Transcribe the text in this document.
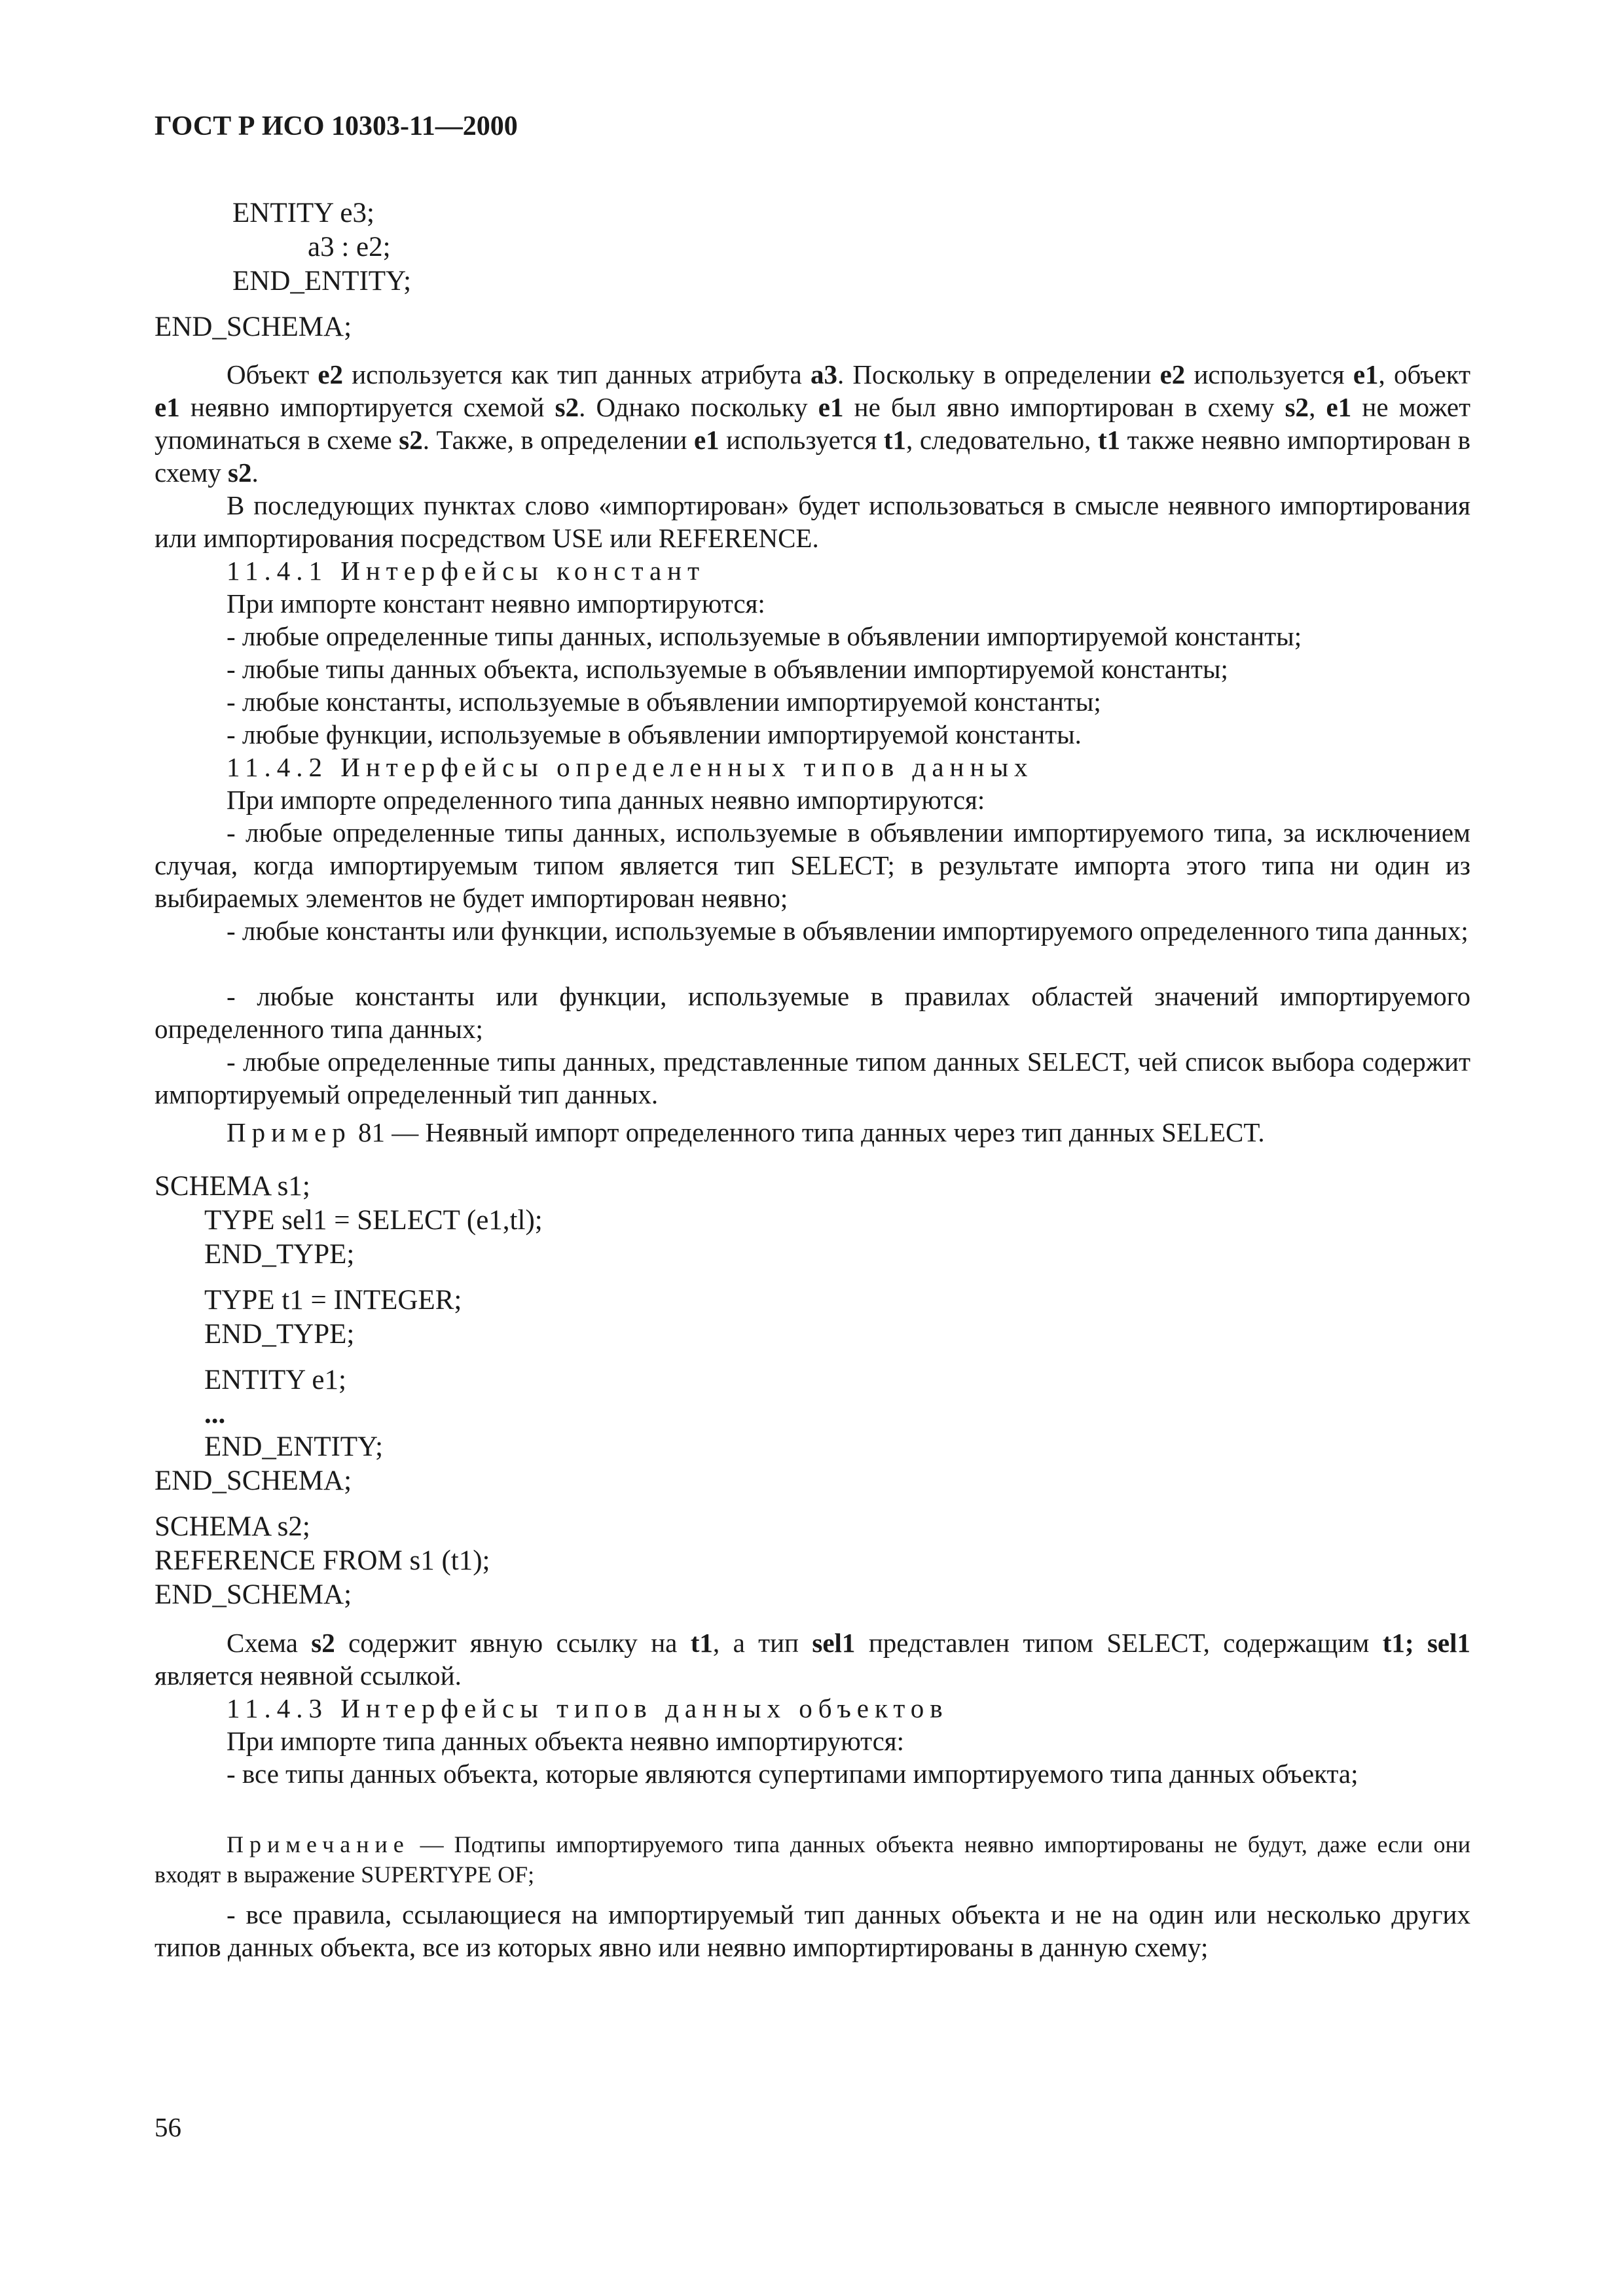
ГОСТ Р ИСО 10303-11—2000
ENTITY e3;
a3 : e2;
END_ENTITY;
END_SCHEMA;

Объект e2 используется как тип данных атрибута a3. Поскольку в определении e2 используется e1, объект e1 неявно импортируется схемой s2. Однако поскольку e1 не был явно импортирован в схему s2, e1 не может упоминаться в схеме s2. Также, в определении e1 используется t1, следовательно, t1 также неявно импортирован в схему s2.

В последующих пунктах слово «импортирован» будет использоваться в смысле неявного импортирования или импортирования посредством USE или REFERENCE.

11.4.1 Интерфейсы констант

При импорте констант неявно импортируются:

- любые определенные типы данных, используемые в объявлении импортируемой константы;

- любые типы данных объекта, используемые в объявлении импортируемой константы;

- любые константы, используемые в объявлении импортируемой константы;

- любые функции, используемые в объявлении импортируемой константы.

11.4.2 Интерфейсы определенных типов данных

При импорте определенного типа данных неявно импортируются:

- любые определенные типы данных, используемые в объявлении импортируемого типа, за исключением случая, когда импортируемым типом является тип SELECT; в результате импорта этого типа ни один из выбираемых элементов не будет импортирован неявно;

- любые константы или функции, используемые в объявлении импортируемого определенного типа данных;

- любые константы или функции, используемые в правилах областей значений импортируемого определенного типа данных;

- любые определенные типы данных, представленные типом данных SELECT, чей список выбора содержит импортируемый определенный тип данных.

Пример 81 — Неявный импорт определенного типа данных через тип данных SELECT.

SCHEMA s1;
TYPE sel1 = SELECT (e1,tl);
END_TYPE;
TYPE t1 = INTEGER;
END_TYPE;
ENTITY e1;
...
END_ENTITY;
END_SCHEMA;
SCHEMA s2;
REFERENCE FROM s1 (t1);
END_SCHEMA;

Схема s2 содержит явную ссылку на t1, а тип sel1 представлен типом SELECT, содержащим t1; sel1 является неявной ссылкой.

11.4.3 Интерфейсы типов данных объектов

При импорте типа данных объекта неявно импортируются:

- все типы данных объекта, которые являются супертипами импортируемого типа данных объекта;

Примечание — Подтипы импортируемого типа данных объекта неявно импортированы не будут, даже если они входят в выражение SUPERTYPE OF;

- все правила, ссылающиеся на импортируемый тип данных объекта и не на один или несколько других типов данных объекта, все из которых явно или неявно импортиртированы в данную схему;

56
